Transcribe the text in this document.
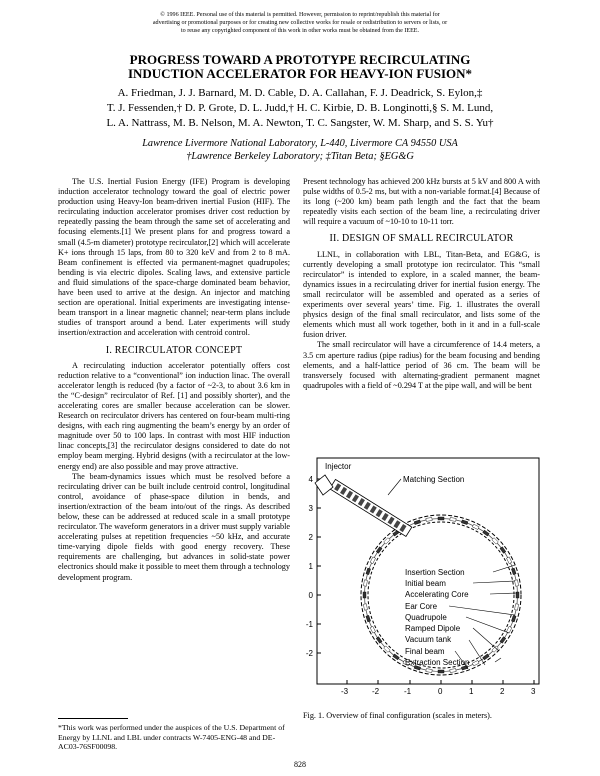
© 1996 IEEE. Personal use of this material is permitted. However, permission to reprint/republish this material for advertising or promotional purposes or for creating new collective works for resale or redistribution to servers or lists, or to reuse any copyrighted component of this work in other works must be obtained from the IEEE.
PROGRESS TOWARD A PROTOTYPE RECIRCULATING
INDUCTION ACCELERATOR FOR HEAVY-ION FUSION*
A. Friedman, J. J. Barnard, M. D. Cable, D. A. Callahan, F. J. Deadrick, S. Eylon,‡
T. J. Fessenden,† D. P. Grote, D. L. Judd,† H. C. Kirbie, D. B. Longinotti,§ S. M. Lund,
L. A. Nattrass, M. B. Nelson, M. A. Newton, T. C. Sangster, W. M. Sharp, and S. S. Yu†
Lawrence Livermore National Laboratory, L-440, Livermore CA 94550 USA
†Lawrence Berkeley Laboratory; ‡Titan Beta; §EG&G

The U.S. Inertial Fusion Energy (IFE) Program is developing induction accelerator technology toward the goal of electric power production using Heavy-Ion beam-driven inertial Fusion (HIF). The recirculating induction accelerator promises driver cost reduction by repeatedly passing the beam through the same set of accelerating and focusing elements.[1] We present plans for and progress toward a small (4.5-m diameter) prototype recirculator,[2] which will accelerate K+ ions through 15 laps, from 80 to 320 keV and from 2 to 8 mA. Beam confinement is effected via permanent-magnet quadrupoles; bending is via electric dipoles. Scaling laws, and extensive particle and fluid simulations of the space-charge dominated beam behavior, have been used to arrive at the design. An injector and matching section are operational. Initial experiments are investigating intense-beam transport in a linear magnetic channel; near-term plans include studies of transport around a bend. Later experiments will study insertion/extraction and acceleration with centroid control.

I. RECIRCULATOR CONCEPT

A recirculating induction accelerator potentially offers cost reduction relative to a “conventional” ion induction linac. The overall accelerator length is reduced (by a factor of ~2-3, to about 3.6 km in the “C-design” recirculator of Ref. [1] and possibly shorter), and the accelerating cores are smaller because acceleration can be slower. Research on recirculator drivers has centered on four-beam multi-ring designs, with each ring augmenting the beam’s energy by an order of magnitude over 50 to 100 laps. In contrast with most HIF induction linac concepts,[3] the recirculator designs considered to date do not employ beam merging. Hybrid designs (with a recirculator at the low-energy end) are also possible and may prove attractive.

The beam-dynamics issues which must be resolved before a recirculating driver can be built include centroid control, longitudinal control, avoidance of phase-space dilution in bends, and insertion/extraction of the beam into/out of the rings. As described below, these can be addressed at reduced scale in a small prototype recirculator. The waveform generators in a driver must supply variable accelerating pulses at repetition frequencies ~50 kHz, and accurate time-varying dipole fields with good energy recovery. These requirements are challenging, but advances in solid-state power electronics should make it possible to meet them through a technology development program.

Present technology has achieved 200 kHz bursts at 5 kV and 800 A with pulse widths of 0.5-2 ms, but with a non-variable format.[4] Because of its long (~200 km) beam path length and the fact that the beam repeatedly visits each section of the beam line, a recirculating driver will require a vacuum of ~10-10 to 10-11 torr.

II. DESIGN OF SMALL RECIRCULATOR

LLNL, in collaboration with LBL, Titan-Beta, and EG&G, is currently developing a small prototype ion recirculator. This “small recirculator” is intended to explore, in a scaled manner, the beam-dynamics issues in a recirculating driver for inertial fusion energy. The small recirculator will be assembled and operated as a series of experiments over several years’ time. Fig. 1. illustrates the overall physics design of the final small recirculator, and lists some of the elements which must all work together, both in it and in a full-scale fusion driver.

The small recirculator will have a circumference of 14.4 meters, a 3.5 cm aperture radius (pipe radius) for the beam focusing and bending elements, and a half-lattice period of 36 cm. The beam will be transversely focused with alternating-gradient permanent magnet quadrupoles with a field of ~0.294 T at the pipe wall, and will be bent

4
3
2
1
0
-1
-2
Injector
Matching Section
Insertion Section
Initial beam
Accelerating Core
Ear Core
Quadrupole
Ramped Dipole
Vacuum tank
Final beam
Extraction Section
-3	-2	-1	0	1	2	3
Fig. 1. Overview of final configuration (scales in meters).
*This work was performed under the auspices of the U.S. Department of Energy by LLNL and LBL under contracts W-7405-ENG-48 and DE-AC03-76SF00098.
828
